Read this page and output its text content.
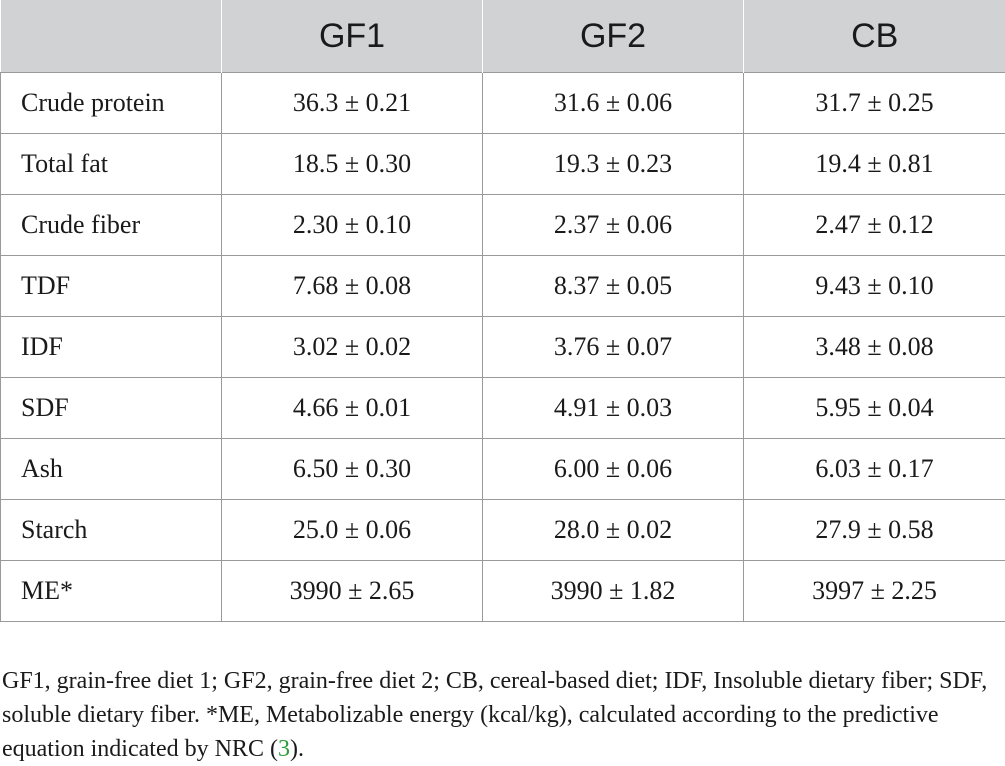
	GF1	GF2	CB
Crude protein	36.3 ± 0.21	31.6 ± 0.06	31.7 ± 0.25
Total fat	18.5 ± 0.30	19.3 ± 0.23	19.4 ± 0.81
Crude fiber	2.30 ± 0.10	2.37 ± 0.06	2.47 ± 0.12
TDF	7.68 ± 0.08	8.37 ± 0.05	9.43 ± 0.10
IDF	3.02 ± 0.02	3.76 ± 0.07	3.48 ± 0.08
SDF	4.66 ± 0.01	4.91 ± 0.03	5.95 ± 0.04
Ash	6.50 ± 0.30	6.00 ± 0.06	6.03 ± 0.17
Starch	25.0 ± 0.06	28.0 ± 0.02	27.9 ± 0.58
ME*	3990 ± 2.65	3990 ± 1.82	3997 ± 2.25

GF1, grain-free diet 1; GF2, grain-free diet 2; CB, cereal-based diet; IDF, Insoluble dietary fiber; SDF, soluble dietary fiber. *ME, Metabolizable energy (kcal/kg), calculated according to the predictive equation indicated by NRC (3).
